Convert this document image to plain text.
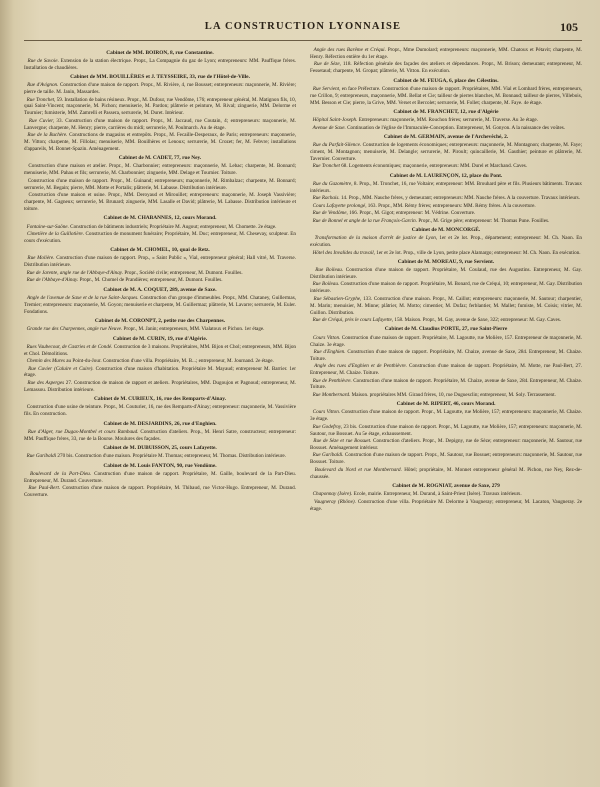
LA CONSTRUCTION LYONNAISE	105
Cabinet de MM. BOIRON, 8, rue Constantine.

Rue de Savoie. Extension de la station électrique. Propr., La Compagnie du gaz de Lyon; entrepreneurs: MM. Pauffique frères. Installation de chaudières.

Cabinet de MM. BOUILLÈRES et J. TEYSSEIRE, 33, rue de l'Hôtel-de-Ville.

Rue d'Avignon. Construction d'une maison de rapport. Propr., M. Rivière, 4, rue Bousset; entrepreneurs: maçonnerie, M. Rivière; pierre de taille. M. Janin, Massardes.

Rue Tronchet, 59. Installation de bains résineux. Propr., M. Dufour, rue Vendôme, 176; entrepreneur général, M. Matignon fils, 10, quai Saint-Vincent; maçonnerie, M. Pichon; menuiserie, M. Pardon; plâtrerie et peinture, M. Rival; zinguerie, MM. Delorme et Tournier; fumisterie, MM. Zamrelli et Passera, serrurerie, M. Duret. Intérieur.

Rue Cuvier, 33. Construction d'une maison de rapport. Propr., M. Jaccaud, rue Coutain, 4; entrepreneurs: maçonnerie, M. Lanvergne; charpente, M. Henry; pierre, carrières du midi; serrurerie, M. Poulmarch. Au 4e étage.

Rue de la Buchère. Constructions de magasins et entrepôts. Propr., M. Fecaille-Desperaux, de Paris; entrepreneurs: maçonnerie, M. Vitton; charpente, M. Fillolas; menuiserie, MM. Bouilhères et Lenoux; serrurerie, M. Crozet; fer, M. Febvre; installations d'appareils, M. Bonnet-Spazin. Aménagement.

Cabinet de M. CADET, 77, rue Ney.

Construction d'une maison et atelier. Propr., M. Charbonnier; entrepreneurs: maçonnerie, M. Lebac; charpente, M. Bonnard; menuiserie, MM. Pahau et fils; serrurerie, M. Charbonnier; zinguerie, MM. Delage et Tournier. Toiture.

Construction d'une maison de rapport. Propr., M. Guinand; entrepreneurs; maçonnerie, M. Rimbalzac; charpente, M. Bonnard; serrurerie, M. Begain; pierre, MM. Motte et Portalis; plâtrerie, M. Labasse. Distribution intérieure.

Construction d'une maison et usine. Propr., MM. Deroyaud et Mirouillet; entrepreneurs: maçonnerie, M. Joseph Vassivière; charpente, M. Gagneux; serrurerie, M. Brunard; zinguerie, MM. Lasalle et David; plâtrerie, M. Labasse. Distribution intérieure et toiture.

Cabinet de M. CHABANNES, 12, cours Morand.

Fontaine-sur-Saône. Construction de bâtiments industriels; Propriétaire M. Augout; entrepreneur, M. Chomette. 2e étage.

Cimetière de la Guillotière. Construction de monument funéraire; Propriétaire, M. Duc; entrepreneur, M. Chesevay, sculpteur. En cours d'exécution.

Cabinet de M. CHOMEL, 10, quai de Retz.

Rue Molière. Construction d'une maison de rapport. Prop., « Saint Public », Vial, entrepreneur général; Hall vitré, M. Traverse. Distribution intérieure.

Rue de Jarente, angle rue de l'Abbaye-d'Ainay. Propr., Société civile; entrepreneur, M. Dumont. Fouilles.

Rue de l'Abbaye-d'Ainay. Propr., M. Chomel de Prandières; entrepreneur, M. Dumont. Fouilles.

Cabinet de M. A. COQUET, 289, avenue de Saxe.

Angle de l'avenue de Saxe et de la rue Saint-Jacques. Construction d'un groupe d'immeubles. Propr., MM. Chataney, Guillermas, Tremier; entrepreneurs: maçonnerie, M. Goyon; menuiserie et charpente, M. Guillermaz; plâtrerie, M. Lavarre; serrurerie, M. Euler. Fondations.

Cabinet de M. CORONPT, 2, petite rue des Charpennes.

Grande rue des Charpennes, angle rue Neuve. Propr., M. Janin; entrepreneurs, MM. Vialatoux et Pichon. 1er étage.

Cabinet de M. CURIN, 19, rue d'Algérie.

Rues Vaubecour, de Castries et de Condé. Construction de 3 maisons. Propriétaires, MM. Bijon et Chol; entrepreneurs, MM. Bijon et Chol. Démolitions.

Chemin des Mures au Point-du-Jour. Construction d'une villa. Propriétaire, M. B...; entrepreneur, M. Journand. 2e étage.

Rue Cuvier (Caluire et Cuire). Construction d'une maison d'habitation. Propriétaire M. Mayaud; entrepreneur M. Barrier. 1er étage.

Rue des Asperges 27. Construction de maison de rapport et ateliers. Propriétaires, MM. Dugoujon et Pagnoud; entrepreneur, M. Lemassou. Distribution intérieure.

Cabinet de M. CURIEUX, 16, rue des Remparts-d'Ainay.

Construction d'une usine de teinture. Propr., M. Couturier, 16, rue des Remparts-d'Ainay; entrepreneur: maçonnerie, M. Vassivière fils. En construction.

Cabinet de M. DESJARDINS, 26, rue d'Enghien.

Rue d'Alger, rue Dugas-Montbel et cours Rambaud. Construction d'ateliers. Prop., M. Henri Satre, constructeur; entrepreneur: MM. Pauffique frères, 33, rue de la Bourse. Moulures des façades.

Cabinet de M. DUBUISSON, 25, cours Lafayette.

Rue Garibaldi 270 bis. Construction d'une maison. Propriétaire M. Thomas; entrepreneur, M. Thomas. Distribution intérieure.

Cabinet de M. Louis FANTON, 90, rue Vendôme.

Boulevard de la Part-Dieu. Construction d'une maison de rapport. Propriétaire, M. Gaille, boulevard de la Part-Dieu. Entrepreneur, M. Durand. Couverture.

Rue Paul-Bert. Construction d'une maison de rapport. Propriétaire, M. Thibaud, rue Victor-Hugo. Entrepreneur, M. Durand. Couverture.

Angle des rues Barême et Créqui. Propr., Mme Dumolard; entrepreneurs: maçonnerie, MM. Chatoux et Pétavit; charpente, M. Henry. Réfection entière du 1er étage.

Rue de Sèze, 118. Réfection générale des façades des ateliers et dépendances. Propr., M. Brison; demeurant; entrepreneur, M. Fessetaud; charpente, M. Gropat; plâtrerie, M. Vitton. En exécution.

Cabinet de M. FEUGA, 6, place des Célestins.

Rue Servient, en face Préfecture. Construction d'une maison de rapport. Propriétaires, MM. Vial et Lombard frères, entrepreneurs, rue Crillon, 9; entrepreneurs, maçonnerie, MM. Bellat et Cie; tailleur de pierres blanches, M. Bonnaud; tailleur de pierres, Villebois, MM. Besson et Cie; pierre, la Grive, MM. Verset et Bercolet; serrurerie, M. Follet; charpente, M. Faye. 4e étage.

Cabinet de M. FRANCHET, 12, rue d'Algérie

Hôpital Saint-Joseph. Entrepreneurs: maçonnerie, MM. Rouchon frères; serrurerie, M. Traverse. Au 3e étage.

Avenue de Saxe. Continuation de l'église de l'Immaculée-Conception. Entrepreneur, M. Gonyon. A la naissance des voûtes.

Cabinet de M. GERMAIN, avenue de l'Archevêché, 2.

Rue du Parfait-Silence. Construction de logements économiques; entrepreneurs: maçonnerie, M. Montagnon; charpente, M. Faye; ciment, M. Montagnon; menuiserie, M. Delangle; serrurerie, M. Piroult; quincaillerie, M. Gauthier; peinture et plâtrerie, M. Tavernier. Couverture.

Rue Tronchet 68. Logements économiques; maçonnerie, entrepreneurs: MM. Durel et Marchand. Caves.

Cabinet de M. LAURENÇON, 12, place du Pont.

Rue du Gazomètre, 8. Prop., M. Tronchet, 16, rue Voltaire; entrepreneur: MM. Brouhard père et fils. Plusieurs bâtiments. Travaux intérieurs.

Rue Rachais. 14. Prop., MM. Nauche frères, y demeurant; entrepreneurs: MM. Nauche frères. A la couverture. Travaux intérieurs.

Cours Lafayette prolongé, 163. Propr., MM. Rémy frères; entrepreneurs: MM. Rémy frères. A la couverture.

Rue de Vendôme, 166. Propr., M. Gigot; entrepreneur: M. Védrine. Couverture.

Rue de Bonnel et angle de la rue François-Garcin. Propr., M. Grige père; entrepreneur: M. Thomas Pune. Fouilles.

Cabinet de M. MONCORGÉ.

Transformation de la maison d'arrêt de justice de Lyon, 1er et 2e lot. Prop., département; entrepreneur: M. Ch. Naon. En exécution.

Hôtel des Invalides du travail, 1er et 2e lot. Prop., ville de Lyon, petite place Alamargo; entrepreneur: M. Ch. Naon. En exécution.

Cabinet de M. MOREAU, 9, rue Servient.

Rue Boileau. Construction d'une maison de rapport. Propriétaire, M. Coulaud, rue des Augustins. Entrepreneur, M. Gay. Distribution intérieure.

Rue Boileau. Construction d'une maison de rapport. Propriétaire, M. Bonard, rue de Créqui, 10; entrepreneur, M. Gay. Distribution intérieure.

Rue Sébastien-Gryphe, 133. Construction d'une maison. Propr., M. Caillot; entrepreneurs: maçonnerie, M. Sautour; charpentier, M. Marin; menuisier, M. Minne; plâtrier, M. Motto; cimentier, M. Dufaz; ferblantier, M. Mallet; fumiste, M. Coisis; vitrier, M. Guillon. Distribution.

Rue de Créqui, près le cours Lafayette, 158. Maison. Propr., M. Gay, avenue de Saxe, 322; entrepreneur: M. Gay. Caves.

Cabinet de M. Claudius PORTE, 27, rue Saint-Pierre

Cours Vitton. Construction d'une maison de rapport. Propriétaire, M. Lagoutte, rue Molière, 157. Entrepreneur de maçonnerie, M. Chaize. 3e étage.

Rue d'Enghien. Construction d'une maison de rapport. Propriétaire, M. Chaize, avenue de Saxe, 284. Entrepreneur, M. Chaize. Toiture.

Angle des rues d'Enghien et de Penthièvre. Construction d'une maison de rapport. Propriétaire, M. Motte, rue Paul-Bert, 27. Entrepreneur, M. Chaize. Toiture.

Rue de Penthièvre. Construction d'une maison de rapport. Propriétaire, M. Chaize, avenue de Saxe, 284. Entrepreneur, M. Chaize. Toiture.

Rue Montbernard. Maison. propriétaires MM. Giraud frères, 10, rue Duguesclin; entrepreneur, M. Soly. Terrassement.

Cabinet de M. RIPERT, 46, cours Morand.

Cours Vitton. Construction d'une maison de rapport. Propr., M. Lagoutte, rue Molière, 157; entrepreneurs: maçonnerie, M. Chaize. 3e étage.

Rue Godefroy, 23 bis. Construction d'une maison de rapport. Propr., M. Lagoutte, rue Molière, 157; entrepreneurs: maçonnerie, M. Sautour, rue Bossuet. Au 5e étage, exhaussement.

Rue de Sèze et rue Bossuet. Construction d'ateliers. Propr., M. Depigny, rue de Sèze; entrepreneur: maçonnerie, M. Sautour, rue Bossuet. Aménagement intérieur.

Rue Garibaldi. Construction d'une maison de rapport. Propr., M. Sautour, rue Bossuet; entrepreneurs: maçonnerie, M. Sautour, rue Bossuet. Toiture.

Boulevard du Nord et rue Montbernard. Hôtel; propriétaire, M. Monnet entrepreneur général M. Pichon, rue Ney, Rez-de-chaussée.

Cabinet de M. ROGNIAT, avenue de Saxe, 279

Chaponnay (Isère). Ecole, mairie. Entrepreneur, M. Durand, à Saint-Priest (Isère). Travaux intérieurs.

Vaugneray (Rhône). Construction d'une villa. Propriétaire M. Delorme à Vaugneray; entrepreneur, M. Lacaton, Vaugneray. 2e étage.
